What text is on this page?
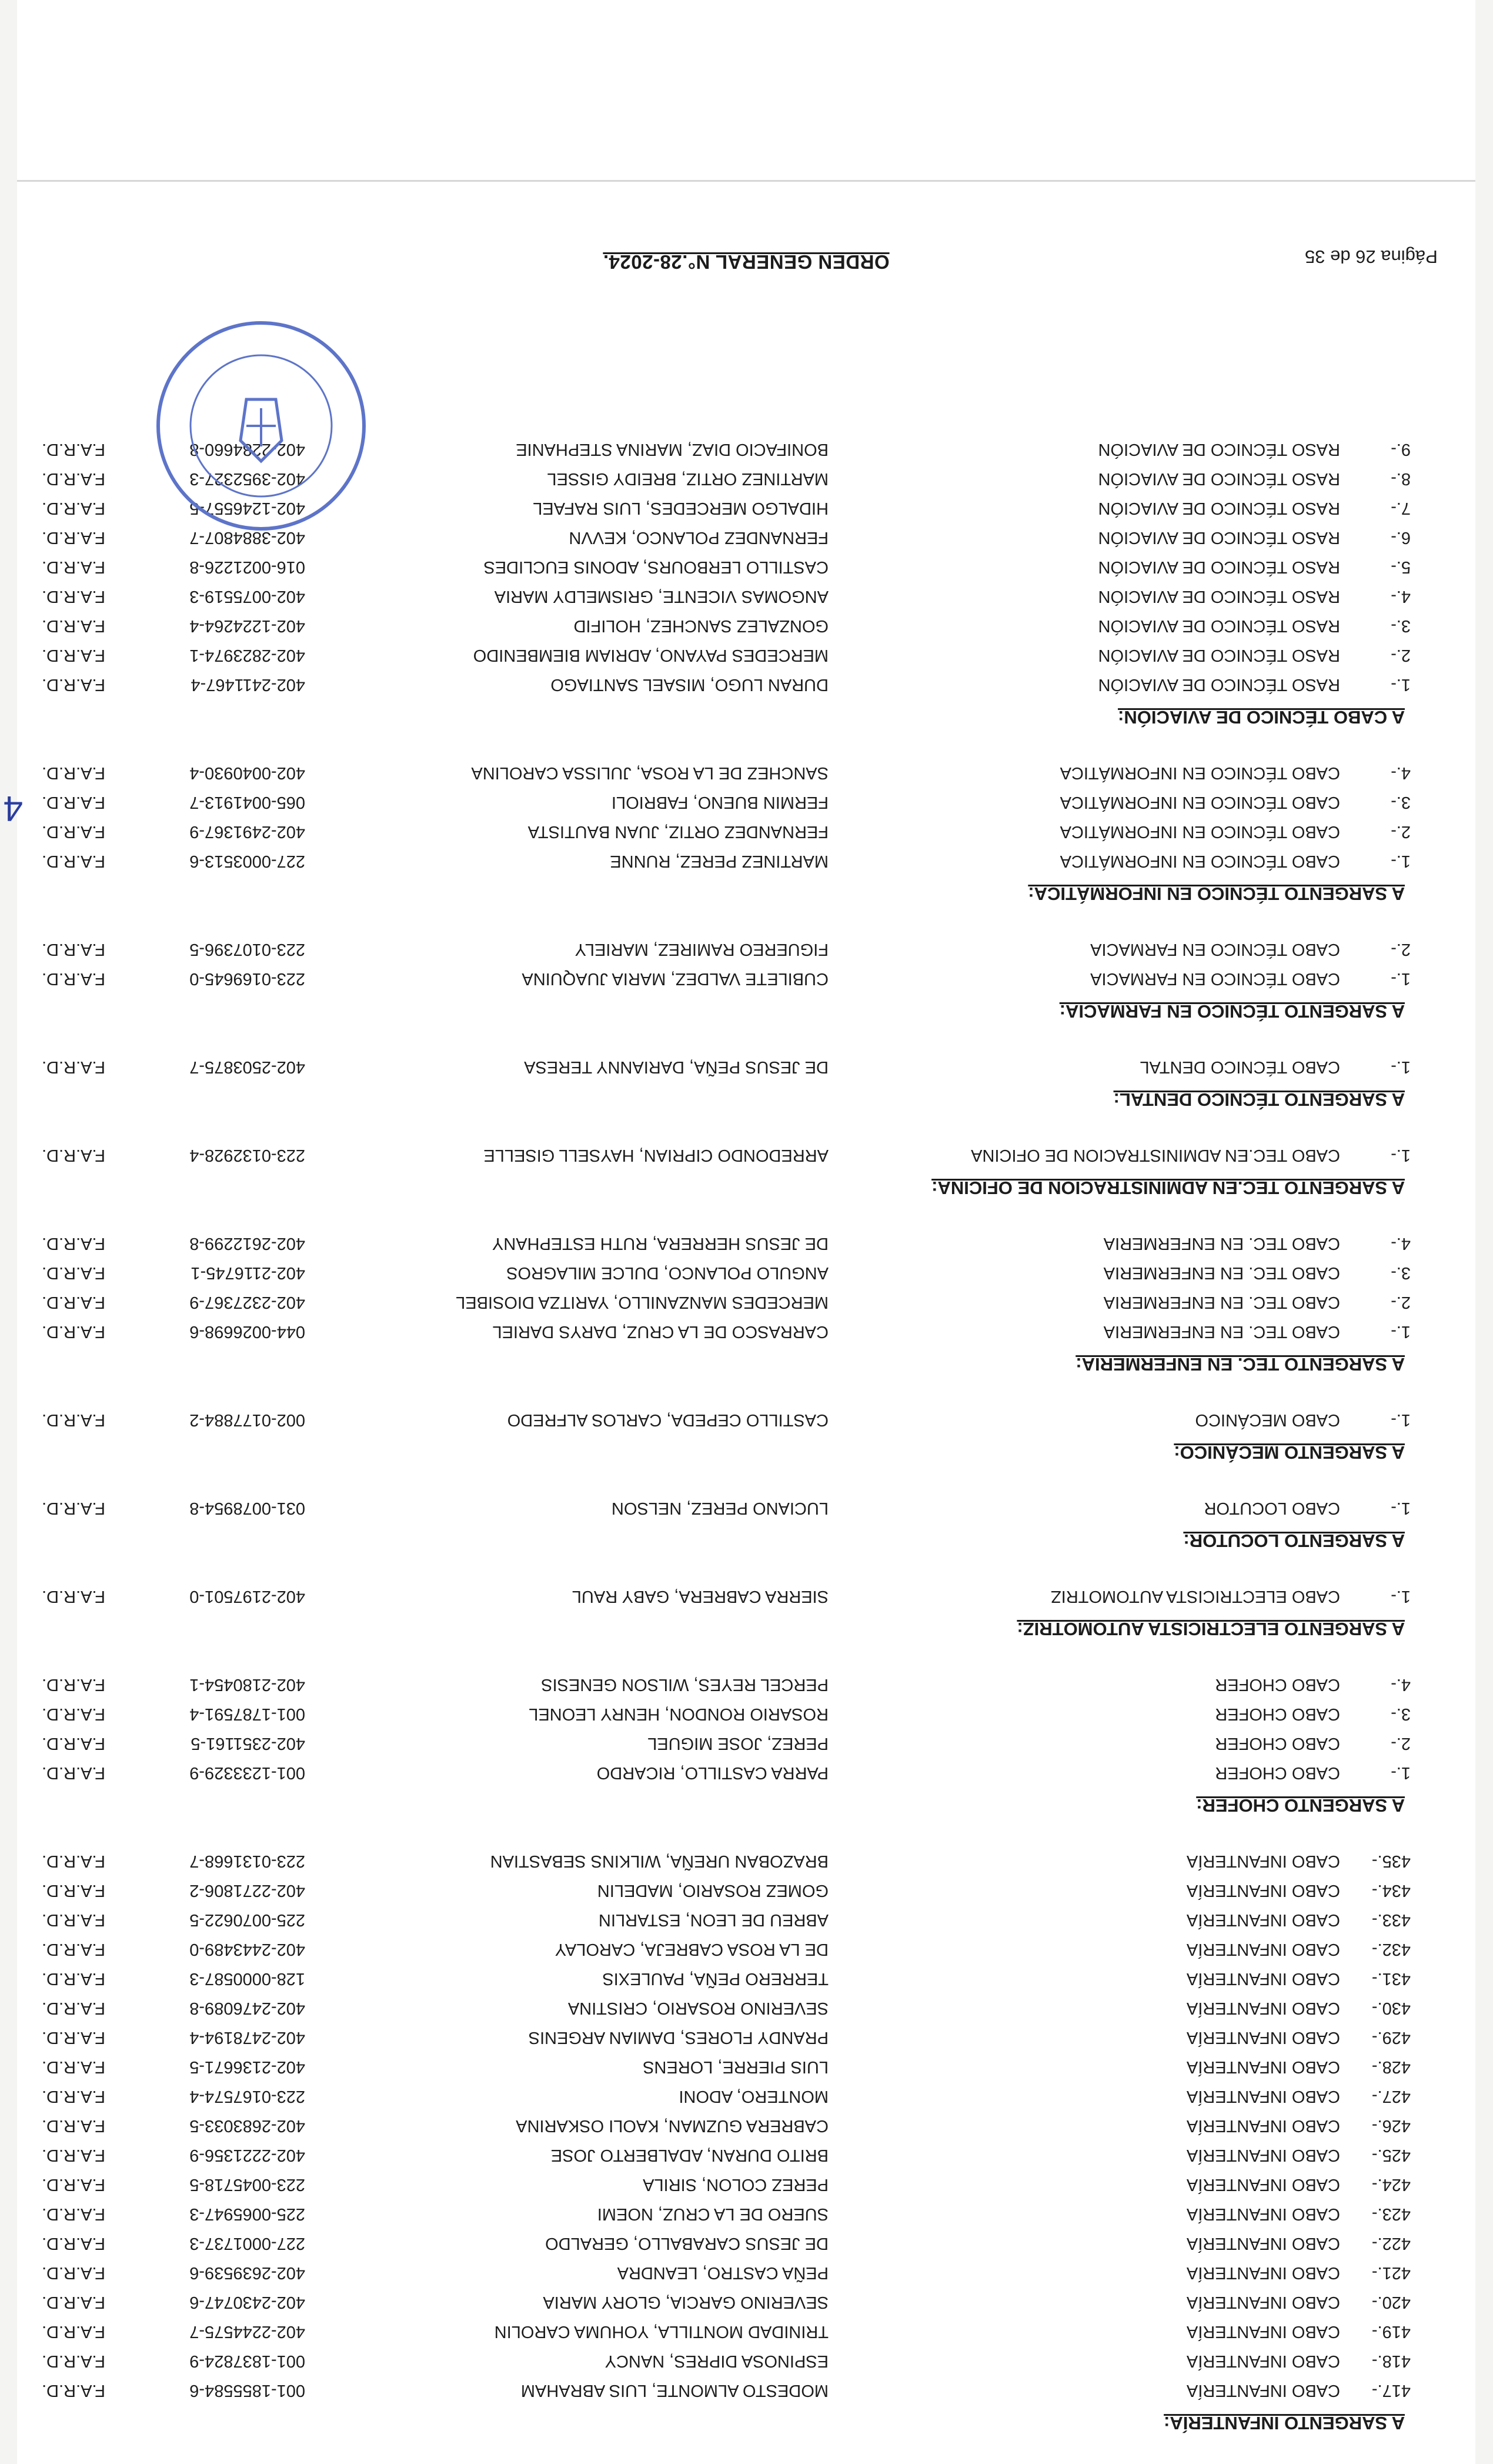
A SARGENTO INFANTERÍA:
417.-
CABO INFANTERÍA
MODESTO ALMONTE, LUIS ABRAHAM
001-1855584-6
F.A.R.D.
418.-
CABO INFANTERÍA
ESPINOSA DIPRES, NANCY
001-1837824-9
F.A.R.D.
419.-
CABO INFANTERÍA
TRINIDAD MONTILLA, YOHUMA CAROLIN
402-2244575-7
F.A.R.D.
420.-
CABO INFANTERÍA
SEVERINO GARCIA, GLORY MARIA
402-2430747-6
F.A.R.D.
421.-
CABO INFANTERÍA
PEÑA CASTRO, LEANDRA
402-2639539-6
F.A.R.D.
422.-
CABO INFANTERÍA
DE JESUS CARABALLO, GERALDO
227-0001737-3
F.A.R.D.
423.-
CABO INFANTERÍA
SUERO DE LA CRUZ, NOEMI
225-0065947-3
F.A.R.D.
424.-
CABO INFANTERÍA
PEREZ COLON, SIRILA
223-0045718-5
F.A.R.D.
425.-
CABO INFANTERÍA
BRITO DURAN, ADALBERTO JOSE
402-2221356-9
F.A.R.D.
426.-
CABO INFANTERÍA
CABRERA GUZMAN, KAOLI OSKARINA
402-2683033-5
F.A.R.D.
427.-
CABO INFANTERÍA
MONTERO, ADONI
223-0167574-4
F.A.R.D.
428.-
CABO INFANTERÍA
LUIS PIERRE, LORENS
402-2136671-5
F.A.R.D.
429.-
CABO INFANTERÍA
PRANDY FLORES, DAMIAN ARGENIS
402-2478194-4
F.A.R.D.
430.-
CABO INFANTERÍA
SEVERINO ROSARIO, CRISTINA
402-2476089-8
F.A.R.D.
431.-
CABO INFANTERÍA
TERRERO PEÑA, PAULEXIS
128-0000587-3
F.A.R.D.
432.-
CABO INFANTERÍA
DE LA ROSA CABREJA, CAROLAY
402-2443489-0
F.A.R.D.
433.-
CABO INFANTERÍA
ABREU DE LEON, ESTARLIN
225-0070622-5
F.A.R.D.
434.-
CABO INFANTERÍA
GOMEZ ROSARIO, MADELIN
402-2271806-2
F.A.R.D.
435.-
CABO INFANTERÍA
BRAZOBAN UREÑA, WILKINS SEBASTIAN
223-0131668-7
F.A.R.D.
A SARGENTO CHOFER:
1.-
CABO CHOFER
PARRA CASTILLO, RICARDO
001-1233329-9
F.A.R.D.
2.-
CABO CHOFER
PEREZ, JOSE MIGUEL
402-2351161-5
F.A.R.D.
3.-
CABO CHOFER
ROSARIO RONDON, HENRY LEONEL
001-1787591-4
F.A.R.D.
4.-
CABO CHOFER
PERCEL REYES, WILSON GENESIS
402-2180454-1
F.A.R.D.
A SARGENTO ELECTRICISTA AUTOMOTRIZ:
1.-
CABO ELECTRICISTA AUTOMOTRIZ
SIERRA CABRERA, GABY RAUL
402-2197501-0
F.A.R.D.
A SARGENTO LOCUTOR:
1.-
CABO LOCUTOR
LUCIANO PEREZ, NELSON
031-0078954-8
F.A.R.D.
A SARGENTO MECÁNICO:
1.-
CABO MECÁNICO
CASTILLO CEPEDA, CARLOS ALFREDO
002-0177884-2
F.A.R.D.
A SARGENTO TEC. EN ENFERMERIA:
1.-
CABO TEC. EN ENFERMERIA
CARRASCO DE LA CRUZ, DARYS DARIEL
044-0026698-6
F.A.R.D.
2.-
CABO TEC. EN ENFERMERIA
MERCEDES MANZANILLO, YARITZA DIOSIBEL
402-2327367-9
F.A.R.D.
3.-
CABO TEC. EN ENFERMERIA
ANGULO POLANCO, DULCE MILAGROS
402-2116745-1
F.A.R.D.
4.-
CABO TEC. EN ENFERMERIA
DE JESUS HERRERA, RUTH ESTEPHANY
402-2612299-8
F.A.R.D.
A SARGENTO TEC.EN ADMINISTRACION DE OFICINA:
1.-
CABO TEC.EN ADMINISTRACION DE OFICINA
ARREDONDO CIPRIAN, HAYSELL GISELLE
223-0132928-4
F.A.R.D.
A SARGENTO TÉCNICO DENTAL:
1.-
CABO TÉCNICO DENTAL
DE JESUS PEÑA, DARIANNY TERESA
402-2503875-7
F.A.R.D.
A SARGENTO TÉCNICO EN FARMACIA:
1.-
CABO TÉCNICO EN FARMACIA
CUBILETE VALDEZ, MARIA JUAQUINA
223-0169645-0
F.A.R.D.
2.-
CABO TÉCNICO EN FARMACIA
FIGUEREO RAMIREZ, MARIELY
223-0107396-5
F.A.R.D.
A SARGENTO TÉCNICO EN INFORMÁTICA:
1.-
CABO TÉCNICO EN INFORMÁTICA
MARTINEZ PEREZ, RUNNE
227-0003513-6
F.A.R.D.
2.-
CABO TÉCNICO EN INFORMÁTICA
FERNANDEZ ORTIZ, JUAN BAUTISTA
402-2491367-9
F.A.R.D.
3.-
CABO TÉCNICO EN INFORMÁTICA
FERMIN BUENO, FABRIOLI
065-0041913-7
F.A.R.D.
4.-
CABO TÉCNICO EN INFORMÁTICA
SANCHEZ DE LA ROSA, JULISSA CAROLINA
402-0040930-4
F.A.R.D.
A CABO TÉCNICO DE AVIACIÓN:
1.-
RASO TÉCNICO DE AVIACIÓN
DURAN LUGO, MISAEL SANTIAGO
402-2411467-4
F.A.R.D.
2.-
RASO TÉCNICO DE AVIACIÓN
MERCEDES PAYANO, ADRIAM BIEMBENIDO
402-2823974-1
F.A.R.D.
3.-
RASO TÉCNICO DE AVIACIÓN
GONZALEZ SANCHEZ, HOLIFID
402-1224264-4
F.A.R.D.
4.-
RASO TÉCNICO DE AVIACIÓN
ANGOMAS VICENTE, GRISMELDY MARIA
402-0075519-3
F.A.R.D.
5.-
RASO TÉCNICO DE AVIACIÓN
CASTILLO LERBOURS, ADONIS EUCLIDES
016-0021226-8
F.A.R.D.
6.-
RASO TÉCNICO DE AVIACIÓN
FERNANDEZ POLANCO, KEVVN
402-3884807-7
F.A.R.D.
7.-
RASO TÉCNICO DE AVIACIÓN
HIDALGO MERCEDES, LUIS RAFAEL
402-1246557-5
F.A.R.D.
8.-
RASO TÉCNICO DE AVIACIÓN
MARTINEZ ORTIZ, BREIDY GISSEL
402-3952327-3
F.A.R.D.
9.-
RASO TÉCNICO DE AVIACIÓN
BONIFACIO DIAZ, MARINA STEPHANIE
402-2284660-8
F.A.R.D.
4
ORDEN GENERAL N°.28-2024.	Página 26 de 35
